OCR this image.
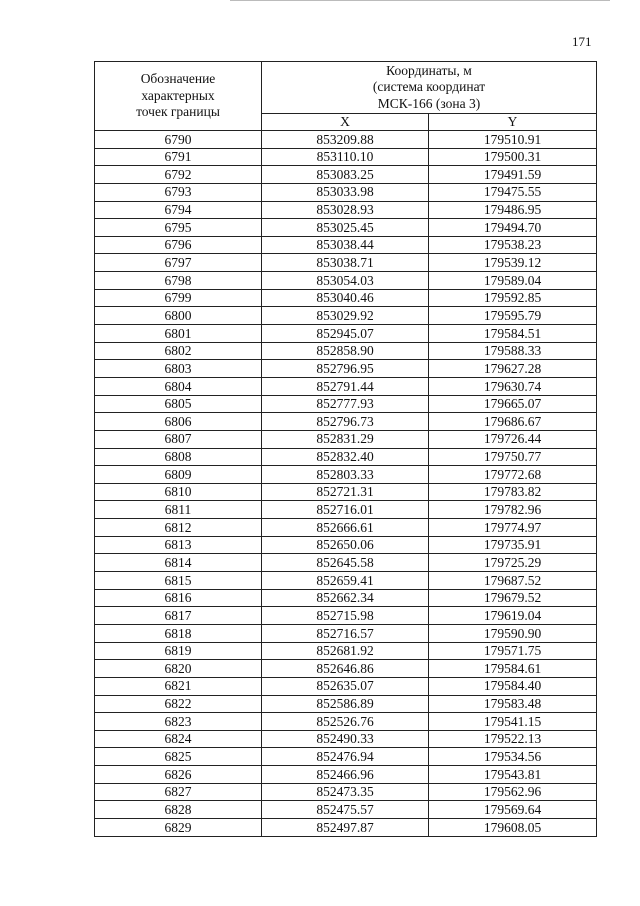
171
Обозначение
характерных
точек границы	Координаты, м
(система координат
МСК-166 (зона 3)	
	X	Y
6790	853209.88	179510.91
6791	853110.10	179500.31
6792	853083.25	179491.59
6793	853033.98	179475.55
6794	853028.93	179486.95
6795	853025.45	179494.70
6796	853038.44	179538.23
6797	853038.71	179539.12
6798	853054.03	179589.04
6799	853040.46	179592.85
6800	853029.92	179595.79
6801	852945.07	179584.51
6802	852858.90	179588.33
6803	852796.95	179627.28
6804	852791.44	179630.74
6805	852777.93	179665.07
6806	852796.73	179686.67
6807	852831.29	179726.44
6808	852832.40	179750.77
6809	852803.33	179772.68
6810	852721.31	179783.82
6811	852716.01	179782.96
6812	852666.61	179774.97
6813	852650.06	179735.91
6814	852645.58	179725.29
6815	852659.41	179687.52
6816	852662.34	179679.52
6817	852715.98	179619.04
6818	852716.57	179590.90
6819	852681.92	179571.75
6820	852646.86	179584.61
6821	852635.07	179584.40
6822	852586.89	179583.48
6823	852526.76	179541.15
6824	852490.33	179522.13
6825	852476.94	179534.56
6826	852466.96	179543.81
6827	852473.35	179562.96
6828	852475.57	179569.64
6829	852497.87	179608.05
